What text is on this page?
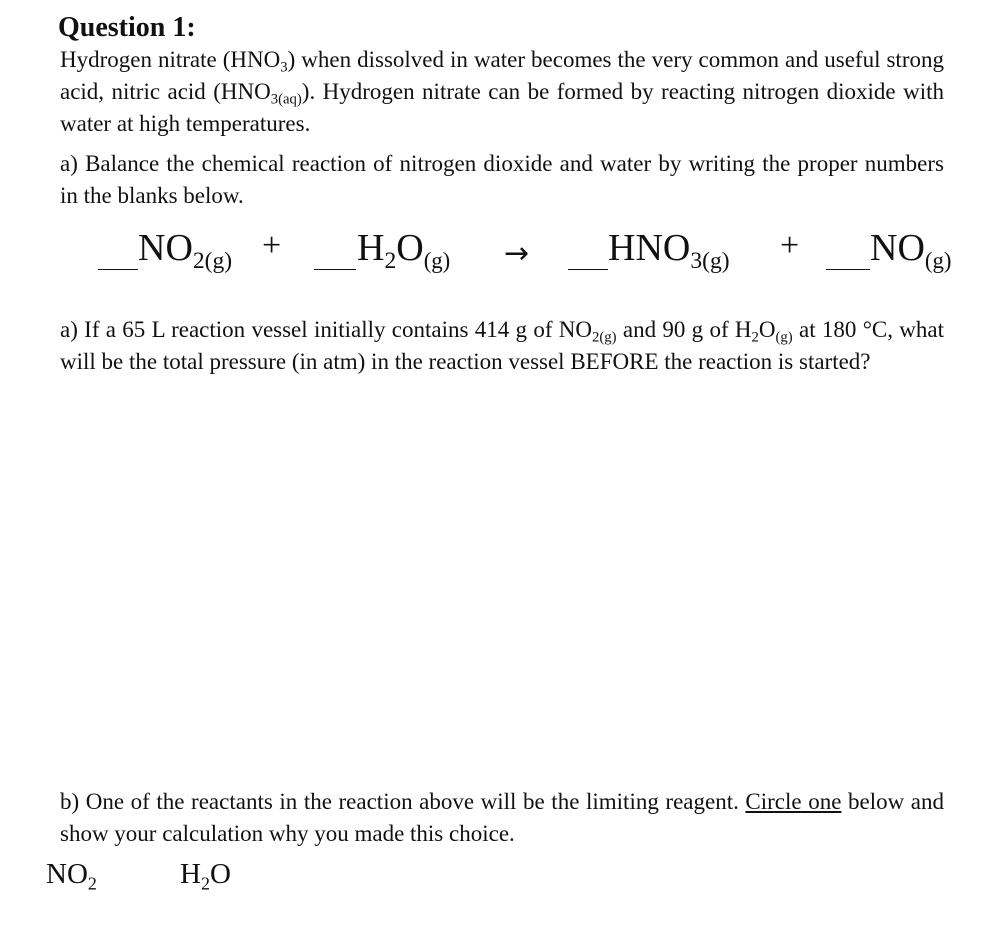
Question 1:

Hydrogen nitrate $(HNO_3)$ when dissolved in water becomes the very common and useful strong acid, nitric acid $(HNO_{3(aq)})$. Hydrogen nitrate can be formed by reacting nitrogen dioxide with water at high temperatures.

a) Balance the chemical reaction of nitrogen dioxide and water by writing the proper numbers in the blanks below.

$NO_{2(g)} + H_2O_{(g)} \to HNO_{3(g)} + NO_{(g)}$

a) If a 65 L reaction vessel initially contains 414 g of $NO_{2(g)}$ and 90 g of $H_2O_{(g)}$ at 180 °C, what will be the total pressure (in atm) in the reaction vessel BEFORE the reaction is started?

b) One of the reactants in the reaction above will be the limiting reagent. Circle one below and show your calculation why you made this choice.

$NO_2$	$H_2O$
